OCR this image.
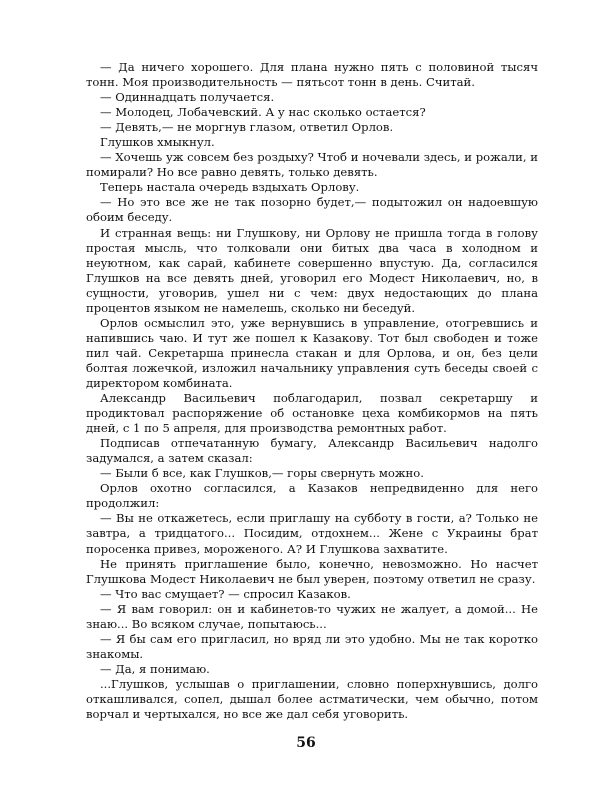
— Да ничего хорошего. Для плана нужно пять с половиной тысяч тонн. Моя производительность — пятьсот тонн в день. Считай.

— Одиннадцать получается.

— Молодец, Лобачевский. А у нас сколько остается?

— Девять,— не моргнув глазом, ответил Орлов.

Глушков хмыкнул.

— Хочешь уж совсем без роздыху? Чтоб и ночевали здесь, и рожали, и помирали? Но все равно девять, только девять.

Теперь настала очередь вздыхать Орлову.

— Но это все же не так позорно будет,— подытожил он надоевшую обоим беседу.

И странная вещь: ни Глушкову, ни Орлову не пришла тогда в голову простая мысль, что толковали они битых два часа в холодном и неуютном, как сарай, кабинете совершенно впустую. Да, согласился Глушков на все девять дней, уговорил его Модест Николаевич, но, в сущности, уговорив, ушел ни с чем: двух недостающих до плана процентов языком не намелешь, сколько ни беседуй.

Орлов осмыслил это, уже вернувшись в управление, отогревшись и напившись чаю. И тут же пошел к Казакову. Тот был свободен и тоже пил чай. Секретарша принесла стакан и для Орлова, и он, без цели болтая ложечкой, изложил начальнику управления суть беседы своей с директором комбината.

Александр Васильевич поблагодарил, позвал секретаршу и продиктовал распоряжение об остановке цеха комбикормов на пять дней, с 1 по 5 апреля, для производства ремонтных работ.

Подписав отпечатанную бумагу, Александр Васильевич надолго задумался, а затем сказал:

— Были б все, как Глушков,— горы свернуть можно.

Орлов охотно согласился, а Казаков непредвиденно для него продолжил:

— Вы не откажетесь, если приглашу на субботу в гости, а? Только не завтра, а тридцатого... Посидим, отдохнем... Жене с Украины брат поросенка привез, мороженого. А? И Глушкова захватите.

Не принять приглашение было, конечно, невозможно. Но насчет Глушкова Модест Николаевич не был уверен, поэтому ответил не сразу.

— Что вас смущает? — спросил Казаков.

— Я вам говорил: он и кабинетов-то чужих не жалует, а домой... Не знаю... Во всяком случае, попытаюсь...

— Я бы сам его пригласил, но вряд ли это удобно. Мы не так коротко знакомы.

— Да, я понимаю.

...Глушков, услышав о приглашении, словно поперхнувшись, долго откашливался, сопел, дышал более астматически, чем обычно, потом ворчал и чертыхался, но все же дал себя уговорить.

56
